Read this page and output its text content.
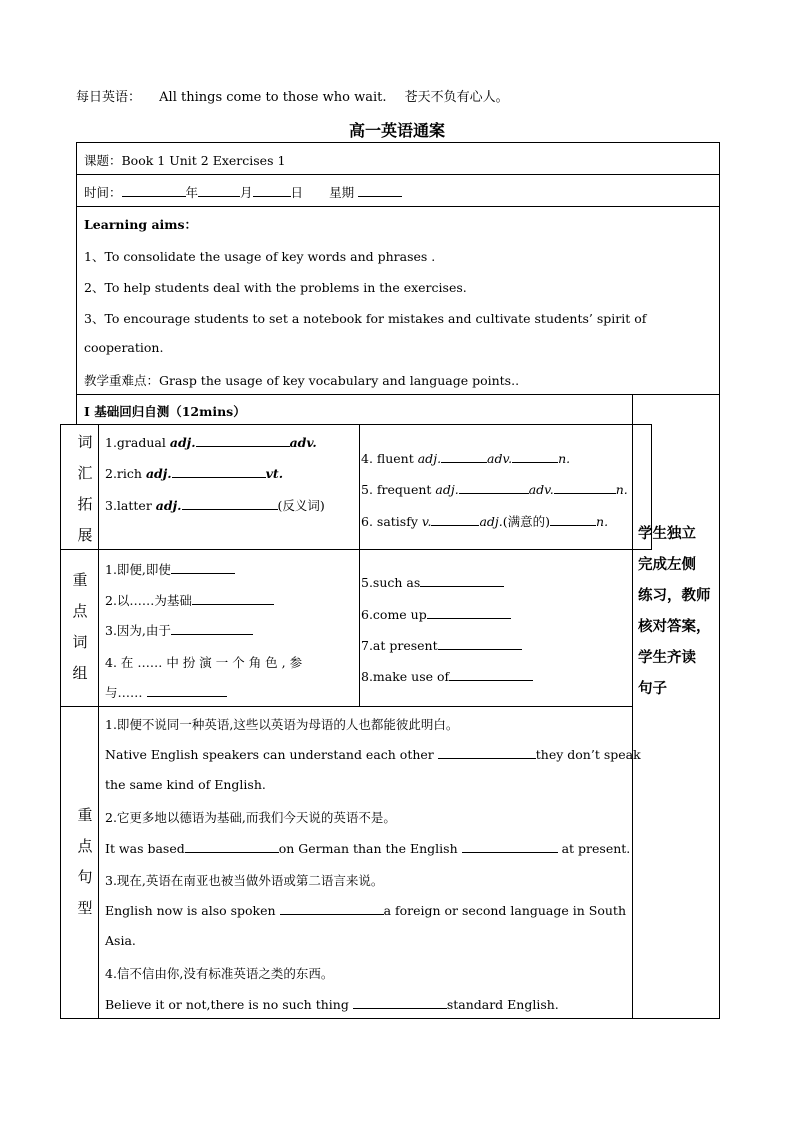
每日英语： All things come to those who wait. 苍天不负有心人。
高一英语通案
课题：Book 1 Unit 2 Exercises 1
时间：	年	月	日 星期
Learning aims：
1、To consolidate the usage of key words and phrases .
2、To help students deal with the problems in the exercises.
3、To encourage students to set a notebook for mistakes and cultivate students’ spirit of
cooperation.
教学重难点：Grasp the usage of key vocabulary and language points..
I 基础回归自测（12mins）
学生独立
完成左侧
练习，教师
核对答案，
学生齐读
句子
词
汇
拓
展
1.gradual adj.	adv.
2.rich adj.	vt.
3.latter adj.	(反义词)
4. fluent adj.	adv.	n.
5. frequent adj.	adv.	n.
6. satisfy v.	adj.(满意的)	n.
重
点
词
组
1.即便,即使
2.以……为基础
3.因为,由于
4. 在 …… 中 扮 演 一 个 角 色 , 参
与……
5.such as
6.come up
7.at present
8.make use of
重
点
句
型
1.即便不说同一种英语,这些以英语为母语的人也都能彼此明白。
Native English speakers can understand each other	they don’t speak
the same kind of English.
2.它更多地以德语为基础,而我们今天说的英语不是。
It was based	on German than the English	at present.
3.现在,英语在南亚也被当做外语或第二语言来说。
English now is also spoken	a foreign or second language in South
Asia.
4.信不信由你,没有标准英语之类的东西。
Believe it or not,there is no such thing	standard English.
